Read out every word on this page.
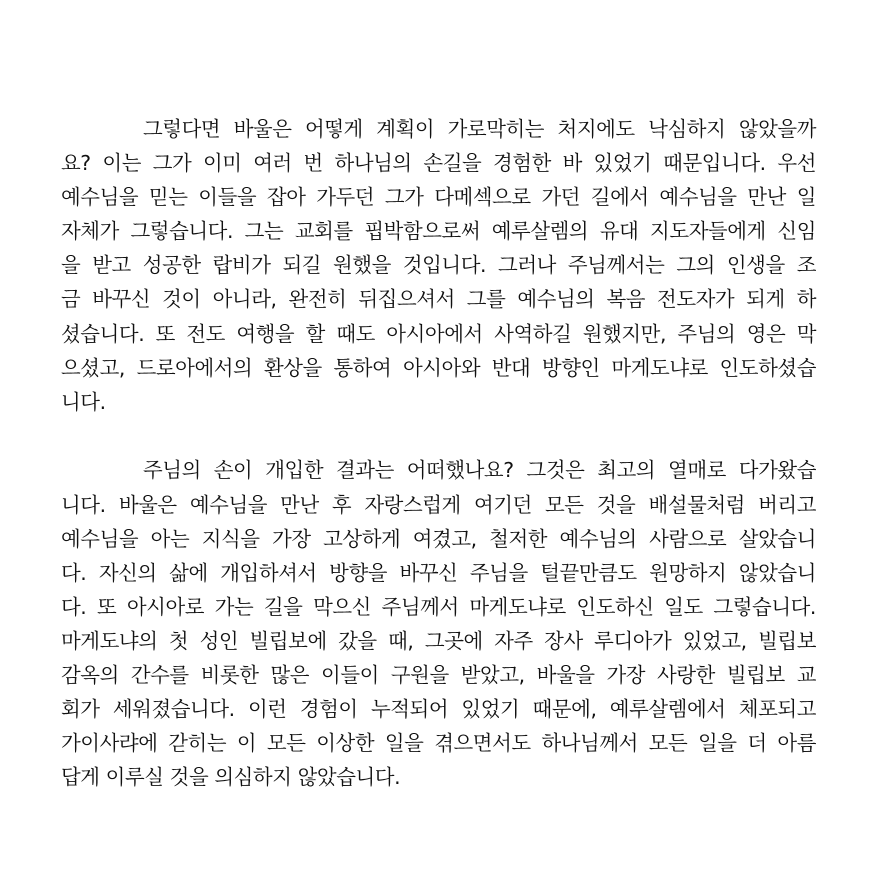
그렇다면 바울은 어떻게 계획이 가로막히는 처지에도 낙심하지 않았을까
요? 이는 그가 이미 여러 번 하나님의 손길을 경험한 바 있었기 때문입니다. 우선
예수님을 믿는 이들을 잡아 가두던 그가 다메섹으로 가던 길에서 예수님을 만난 일
자체가 그렇습니다. 그는 교회를 핍박함으로써 예루살렘의 유대 지도자들에게 신임
을 받고 성공한 랍비가 되길 원했을 것입니다. 그러나 주님께서는 그의 인생을 조
금 바꾸신 것이 아니라, 완전히 뒤집으셔서 그를 예수님의 복음 전도자가 되게 하
셨습니다. 또 전도 여행을 할 때도 아시아에서 사역하길 원했지만, 주님의 영은 막
으셨고, 드로아에서의 환상을 통하여 아시아와 반대 방향인 마게도냐로 인도하셨습
니다.
주님의 손이 개입한 결과는 어떠했나요? 그것은 최고의 열매로 다가왔습
니다. 바울은 예수님을 만난 후 자랑스럽게 여기던 모든 것을 배설물처럼 버리고
예수님을 아는 지식을 가장 고상하게 여겼고, 철저한 예수님의 사람으로 살았습니
다. 자신의 삶에 개입하셔서 방향을 바꾸신 주님을 털끝만큼도 원망하지 않았습니
다. 또 아시아로 가는 길을 막으신 주님께서 마게도냐로 인도하신 일도 그렇습니다.
마게도냐의 첫 성인 빌립보에 갔을 때, 그곳에 자주 장사 루디아가 있었고, 빌립보
감옥의 간수를 비롯한 많은 이들이 구원을 받았고, 바울을 가장 사랑한 빌립보 교
회가 세워졌습니다. 이런 경험이 누적되어 있었기 때문에, 예루살렘에서 체포되고
가이사랴에 갇히는 이 모든 이상한 일을 겪으면서도 하나님께서 모든 일을 더 아름
답게 이루실 것을 의심하지 않았습니다.
